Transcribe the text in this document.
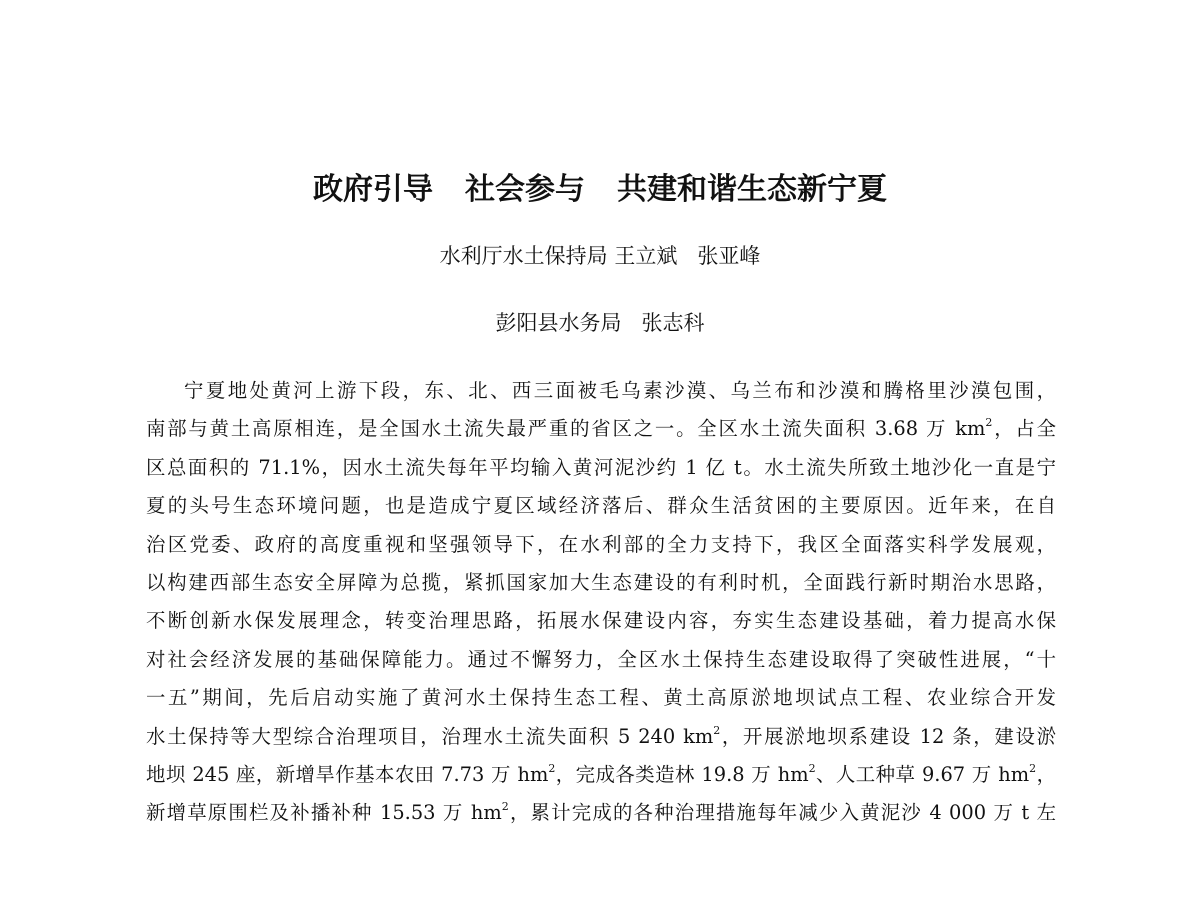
政府引导 社会参与 共建和谐生态新宁夏
水利厅水土保持局 王立斌 张亚峰
彭阳县水务局 张志科
宁夏地处黄河上游下段，东、北、西三面被毛乌素沙漠、乌兰布和沙漠和腾格里沙漠包围，
南部与黄土高原相连，是全国水土流失最严重的省区之一。全区水土流失面积 3.68 万 $km^2$，占全
区总面积的 71.1%，因水土流失每年平均输入黄河泥沙约 1 亿 t。水土流失所致土地沙化一直是宁
夏的头号生态环境问题，也是造成宁夏区域经济落后、群众生活贫困的主要原因。近年来，在自
治区党委、政府的高度重视和坚强领导下，在水利部的全力支持下，我区全面落实科学发展观，
以构建西部生态安全屏障为总揽，紧抓国家加大生态建设的有利时机，全面践行新时期治水思路，
不断创新水保发展理念，转变治理思路，拓展水保建设内容，夯实生态建设基础，着力提高水保
对社会经济发展的基础保障能力。通过不懈努力，全区水土保持生态建设取得了突破性进展，“十
一五”期间，先后启动实施了黄河水土保持生态工程、黄土高原淤地坝试点工程、农业综合开发
水土保持等大型综合治理项目，治理水土流失面积 5 240 $km^2$，开展淤地坝系建设 12 条，建设淤
地坝 245 座，新增旱作基本农田 7.73 万 $hm^2$，完成各类造林 19.8 万 $hm^2$、人工种草 9.67 万 $hm^2$，
新增草原围栏及补播补种 15.53 万 $hm^2$，累计完成的各种治理措施每年减少入黄泥沙 4 000 万 t 左
